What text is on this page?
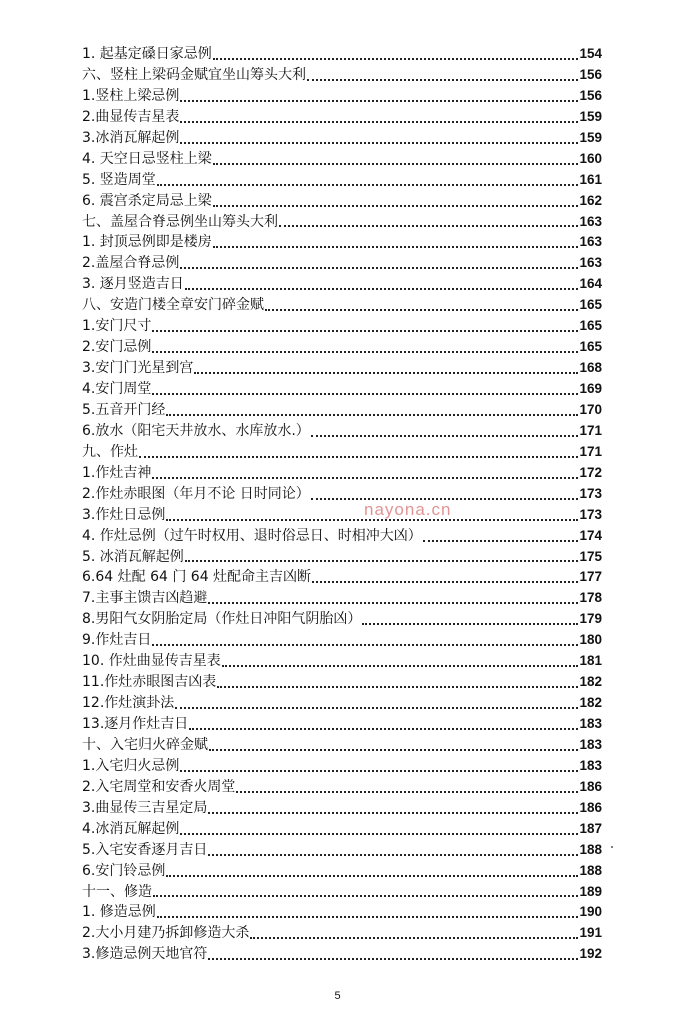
1. 起基定磉日家忌例	154
六、竖柱上梁码金赋宜坐山筹头大利	156
1.竖柱上梁忌例	156
2.曲显传吉星表	159
3.冰消瓦解起例	159
4. 天空日忌竖柱上梁	160
5. 竖造周堂	161
6. 震宫杀定局忌上梁	162
七、盖屋合脊忌例坐山筹头大利	163
1. 封顶忌例即是楼房	163
2.盖屋合脊忌例	163
3. 逐月竖造吉日	164
八、安造门楼全章安门碎金赋	165
1.安门尺寸	165
2.安门忌例	165
3.安门门光星到宫	168
4.安门周堂	169
5.五音开门经	170
6.放水（阳宅天井放水、水库放水.）	171
九、作灶	171
1.作灶吉神	172
2.作灶赤眼图（年月不论 日时同论）	173
3.作灶日忌例	173
4. 作灶忌例（过午时权用、退时俗忌日、时相冲大凶）	174
5. 冰消瓦解起例	175
6.64 灶配 64 门 64 灶配命主吉凶断	177
7.主事主馈吉凶趋避	178
8.男阳气女阴胎定局（作灶日冲阳气阴胎凶）	179
9.作灶吉日	180
10. 作灶曲显传吉星表	181
11.作灶赤眼图吉凶表	182
12.作灶演卦法	182
13.逐月作灶吉日	183
十、入宅归火碎金赋	183
1.入宅归火忌例	183
2.入宅周堂和安香火周堂	186
3.曲显传三吉星定局	186
4.冰消瓦解起例	187
5.入宅安香逐月吉日	188
6.安门铃忌例	188
十一、修造	189
1. 修造忌例	190
2.大小月建乃拆卸修造大杀	191
3.修造忌例天地官符	192
nayona.cn
5
